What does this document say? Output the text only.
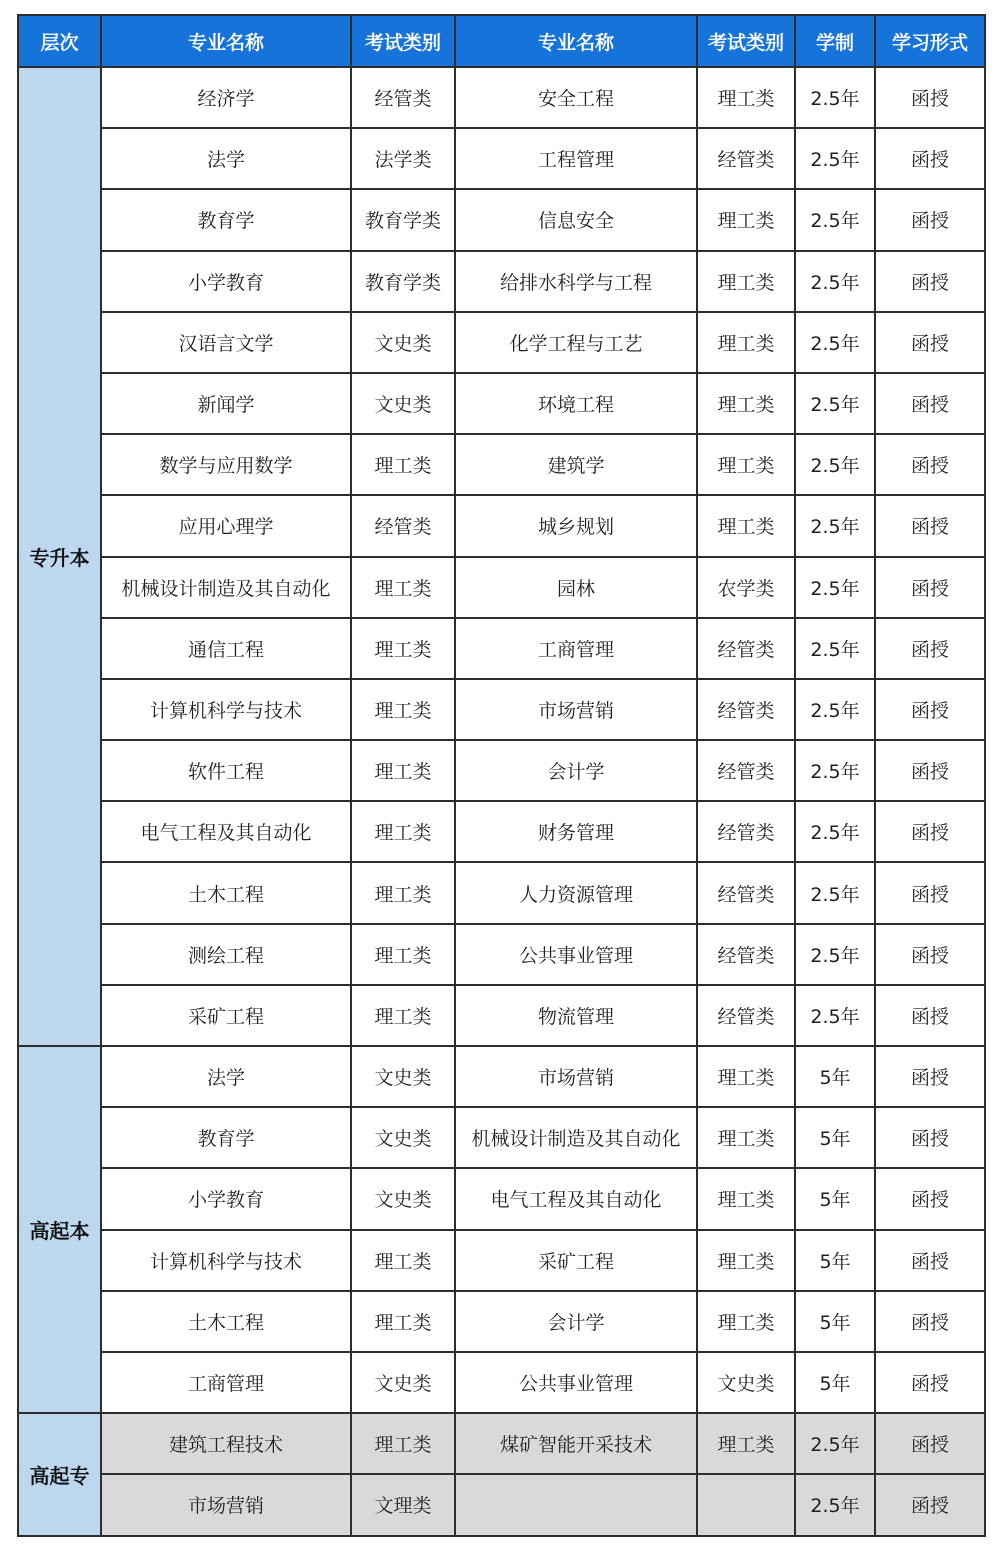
层次	专业名称	考试类别	专业名称	考试类别	学制	学习形式
专升本	经济学	经管类	安全工程	理工类	2.5年	函授
	法学	法学类	工程管理	经管类	2.5年	函授
	教育学	教育学类	信息安全	理工类	2.5年	函授
	小学教育	教育学类	给排水科学与工程	理工类	2.5年	函授
	汉语言文学	文史类	化学工程与工艺	理工类	2.5年	函授
	新闻学	文史类	环境工程	理工类	2.5年	函授
	数学与应用数学	理工类	建筑学	理工类	2.5年	函授
	应用心理学	经管类	城乡规划	理工类	2.5年	函授
	机械设计制造及其自动化	理工类	园林	农学类	2.5年	函授
	通信工程	理工类	工商管理	经管类	2.5年	函授
	计算机科学与技术	理工类	市场营销	经管类	2.5年	函授
	软件工程	理工类	会计学	经管类	2.5年	函授
	电气工程及其自动化	理工类	财务管理	经管类	2.5年	函授
	土木工程	理工类	人力资源管理	经管类	2.5年	函授
	测绘工程	理工类	公共事业管理	经管类	2.5年	函授
	采矿工程	理工类	物流管理	经管类	2.5年	函授
高起本	法学	文史类	市场营销	理工类	5年	函授
	教育学	文史类	机械设计制造及其自动化	理工类	5年	函授
	小学教育	文史类	电气工程及其自动化	理工类	5年	函授
	计算机科学与技术	理工类	采矿工程	理工类	5年	函授
	土木工程	理工类	会计学	理工类	5年	函授
	工商管理	文史类	公共事业管理	文史类	5年	函授
高起专	建筑工程技术	理工类	煤矿智能开采技术	理工类	2.5年	函授
	市场营销	文理类			2.5年	函授
